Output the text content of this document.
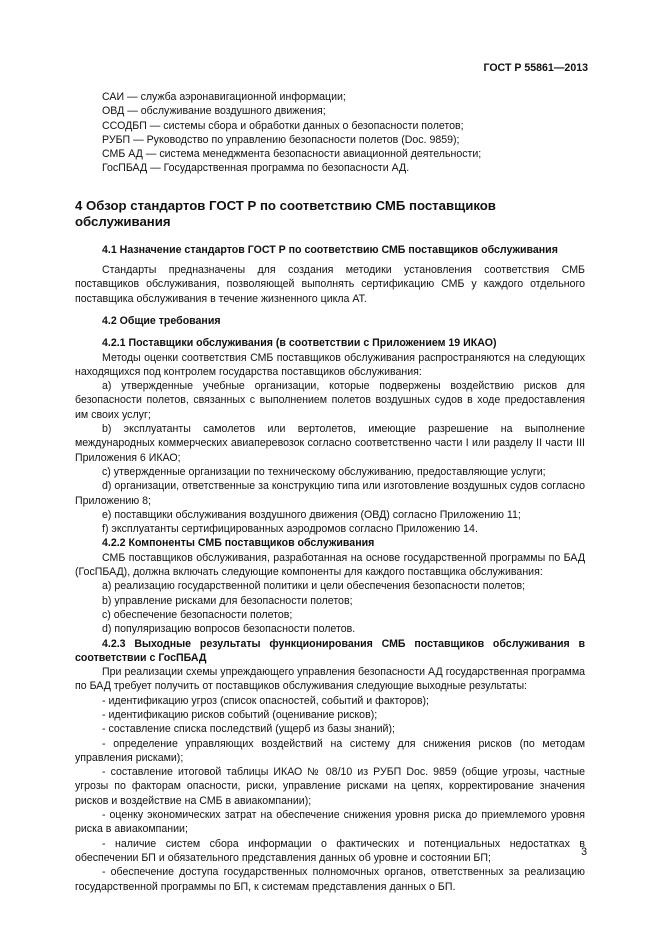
ГОСТ Р 55861—2013

САИ — служба аэронавигационной информации;

ОВД — обслуживание воздушного движения;

ССОДБП — системы сбора и обработки данных о безопасности полетов;

РУБП — Руководство по управлению безопасности полетов (Doc. 9859);

СМБ АД — система менеджмента безопасности авиационной деятельности;

ГосПБАД — Государственная программа по безопасности АД.

4 Обзор стандартов ГОСТ Р по соответствию СМБ поставщиков обслуживания

4.1 Назначение стандартов ГОСТ Р по соответствию СМБ поставщиков обслуживания

Стандарты предназначены для создания методики установления соответствия СМБ поставщиков обслуживания, позволяющей выполнять сертификацию СМБ у каждого отдельного поставщика обслуживания в течение жизненного цикла АТ.

4.2 Общие требования

4.2.1 Поставщики обслуживания (в соответствии с Приложением 19 ИКАО)

Методы оценки соответствия СМБ поставщиков обслуживания распространяются на следующих находящихся под контролем государства поставщиков обслуживания:

а) утвержденные учебные организации, которые подвержены воздействию рисков для безопасности полетов, связанных с выполнением полетов воздушных судов в ходе предоставления им своих услуг;

b) эксплуатанты самолетов или вертолетов, имеющие разрешение на выполнение международных коммерческих авиаперевозок согласно соответственно части I или разделу II части III Приложения 6 ИКАО;

c) утвержденные организации по техническому обслуживанию, предоставляющие услуги;

d) организации, ответственные за конструкцию типа или изготовление воздушных судов согласно Приложению 8;

e) поставщики обслуживания воздушного движения (ОВД) согласно Приложению 11;

f) эксплуатанты сертифицированных аэродромов согласно Приложению 14.

4.2.2 Компоненты СМБ поставщиков обслуживания

СМБ поставщиков обслуживания, разработанная на основе государственной программы по БАД (ГосПБАД), должна включать следующие компоненты для каждого поставщика обслуживания:

а) реализацию государственной политики и цели обеспечения безопасности полетов;

b) управление рисками для безопасности полетов;

c) обеспечение безопасности полетов;

d) популяризацию вопросов безопасности полетов.

4.2.3 Выходные результаты функционирования СМБ поставщиков обслуживания в соответствии с ГосПБАД

При реализации схемы упреждающего управления безопасности АД государственная программа по БАД требует получить от поставщиков обслуживания следующие выходные результаты:

- идентификацию угроз (список опасностей, событий и факторов);

- идентификацию рисков событий (оценивание рисков);

- составление списка последствий (ущерб из базы знаний);

- определение управляющих воздействий на систему для снижения рисков (по методам управления рисками);

- составление итоговой таблицы ИКАО № 08/10 из РУБП Doc. 9859 (общие угрозы, частные угрозы по факторам опасности, риски, управление рисками на цепях, корректирование значения рисков и воздействие на СМБ в авиакомпании);

- оценку экономических затрат на обеспечение снижения уровня риска до приемлемого уровня риска в авиакомпании;

- наличие систем сбора информации о фактических и потенциальных недостатках в обеспечении БП и обязательного представления данных об уровне и состоянии БП;

- обеспечение доступа государственных полномочных органов, ответственных за реализацию государственной программы по БП, к системам представления данных о БП.

3
